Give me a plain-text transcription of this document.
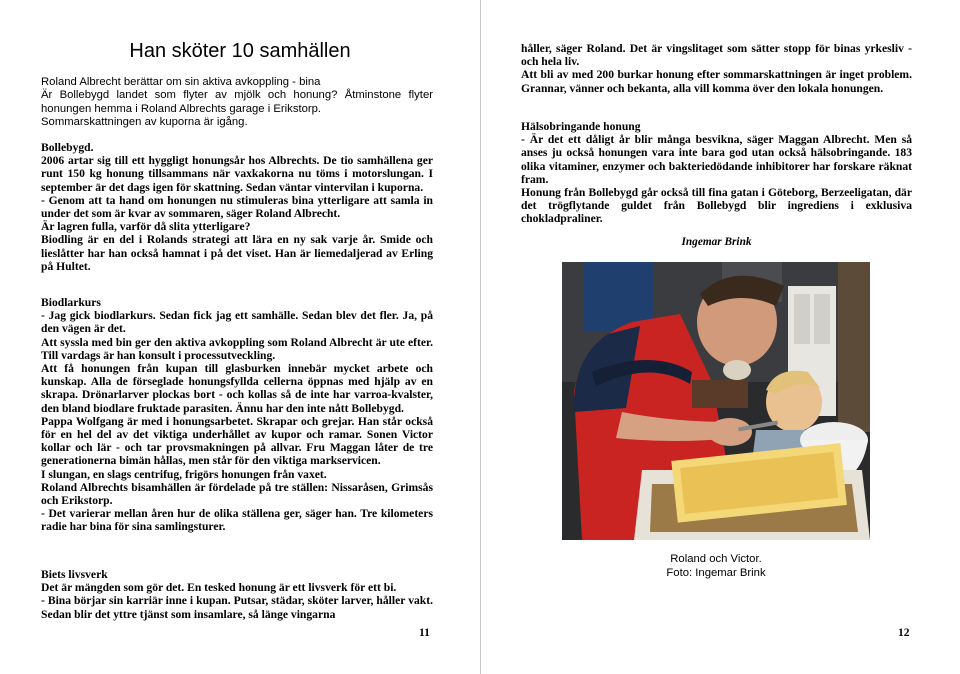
Han sköter 10 samhällen

Roland Albrecht berättar om sin aktiva avkoppling - bina

Är Bollebygd landet som flyter av mjölk och honung? Åtminstone flyter honungen hemma i Roland Albrechts garage i Erikstorp.

Sommarskattningen av kuporna är igång.

Bollebygd.

2006 artar sig till ett hyggligt honungsår hos Albrechts. De tio samhällena ger runt 150 kg honung tillsammans när vaxkakorna nu töms i motorslungan. I september är det dags igen för skattning. Sedan väntar vintervilan i kuporna.

- Genom att ta hand om honungen nu stimuleras bina ytterligare att samla in under det som är kvar av sommaren, säger Roland Albrecht.

Är lagren fulla, varför då slita ytterligare?

Biodling är en del i Rolands strategi att lära en ny sak varje år. Smide och lieslåtter har han också hamnat i på det viset. Han är liemedaljerad av Erling på Hultet.

Biodlarkurs

- Jag gick biodlarkurs. Sedan fick jag ett samhälle. Sedan blev det fler. Ja, på den vägen är det.

Att syssla med bin ger den aktiva avkoppling som Roland Albrecht är ute efter. Till vardags är han konsult i processutveckling.

Att få honungen från kupan till glasburken innebär mycket arbete och kunskap. Alla de förseglade honungsfyllda cellerna öppnas med hjälp av en skrapa. Drönarlarver plockas bort - och kollas så de inte har varroa-kvalster, den bland biodlare fruktade parasiten. Ännu har den inte nått Bollebygd.

Pappa Wolfgang är med i honungsarbetet. Skrapar och grejar. Han står också för en hel del av det viktiga underhållet av kupor och ramar. Sonen Victor kollar och lär - och tar provsmakningen på allvar. Fru Maggan låter de tre generationerna bimän hållas, men står för den viktiga markservicen.

I slungan, en slags centrifug, frigörs honungen från vaxet.

Roland Albrechts bisamhällen är fördelade på tre ställen: Nissaråsen, Grimsås och Erikstorp.

- Det varierar mellan åren hur de olika ställena ger, säger han. Tre kilometers radie har bina för sina samlingsturer.

Biets livsverk

Det är mängden som gör det. En tesked honung är ett livsverk för ett bi.

- Bina börjar sin karriär inne i kupan. Putsar, städar, sköter larver, håller vakt. Sedan blir det yttre tjänst som insamlare, så länge vingarna

11

håller, säger Roland. Det är vingslitaget som sätter stopp för binas yrkesliv - och hela liv.

Att bli av med 200 burkar honung efter sommarskattningen är inget problem. Grannar, vänner och bekanta, alla vill komma över den lokala honungen.

Hälsobringande honung

- Är det ett dåligt år blir många besvikna, säger Maggan Albrecht. Men så anses ju också honungen vara inte bara god utan också hälsobringande. 183 olika vitaminer, enzymer och bakteriedödande inhibitorer har forskare räknat fram.

Honung från Bollebygd går också till fina gatan i Göteborg, Berzeeligatan, där det trögflytande guldet från Bollebygd blir ingrediens i exklusiva chokladpraliner.

Ingemar Brink
Roland och Victor.
Foto: Ingemar Brink
12
